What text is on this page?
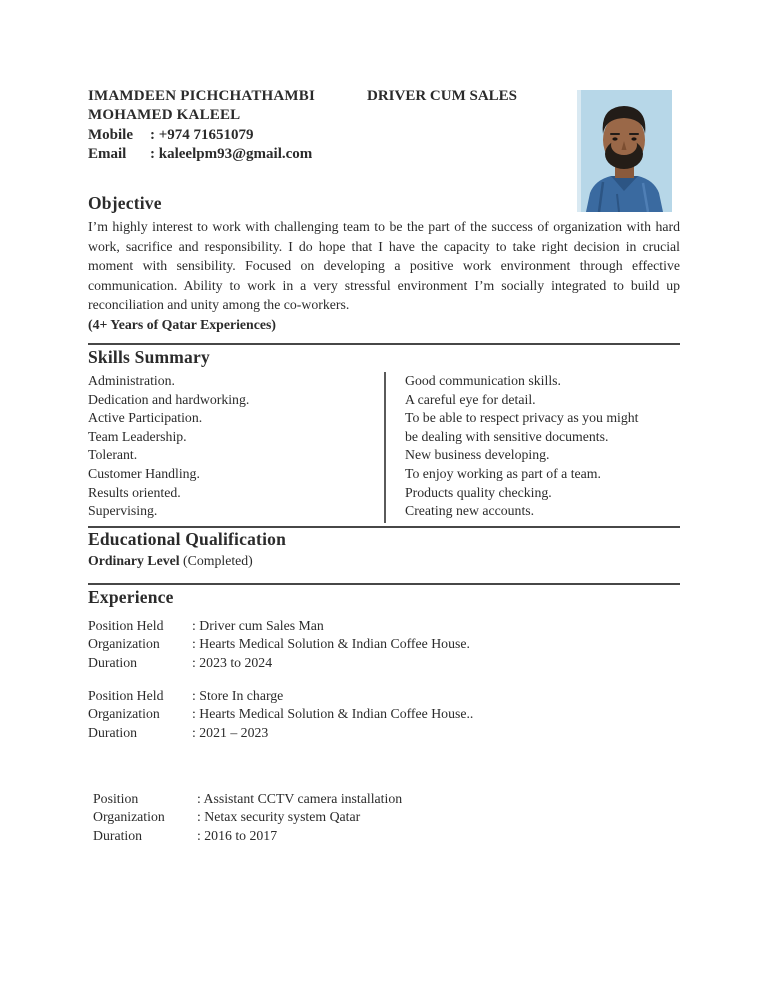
IMAMDEEN PICHCHATHAMBI	DRIVER CUM SALES
MOHAMED KALEEL
Mobile	: +974 71651079
Email	: kaleelpm93@gmail.com
Objective
I’m highly interest to work with challenging team to be the part of the success of organization with hard work, sacrifice and responsibility. I do hope that I have the capacity to take right decision in crucial moment with sensibility. Focused on developing a positive work environment through effective communication. Ability to work in a very stressful environment I’m socially integrated to build up reconciliation and unity among the co-workers.
(4+ Years of Qatar Experiences)
Skills Summary
Administration.
Dedication and hardworking.
Active Participation.
Team Leadership.
Tolerant.
Customer Handling.
Results oriented.
Supervising.
Good communication skills.
A careful eye for detail.
To be able to respect privacy as you might
be dealing with sensitive documents.
New business developing.
To enjoy working as part of a team.
Products quality checking.
Creating new accounts.
Educational Qualification
Ordinary Level (Completed)
Experience
Position Held	: Driver cum Sales Man
Organization	: Hearts Medical Solution & Indian Coffee House.
Duration	: 2023 to 2024
Position Held	: Store In charge
Organization	: Hearts Medical Solution & Indian Coffee House..
Duration	: 2021 – 2023
Position	: Assistant CCTV camera installation
Organization	: Netax security system Qatar
Duration	: 2016 to 2017
